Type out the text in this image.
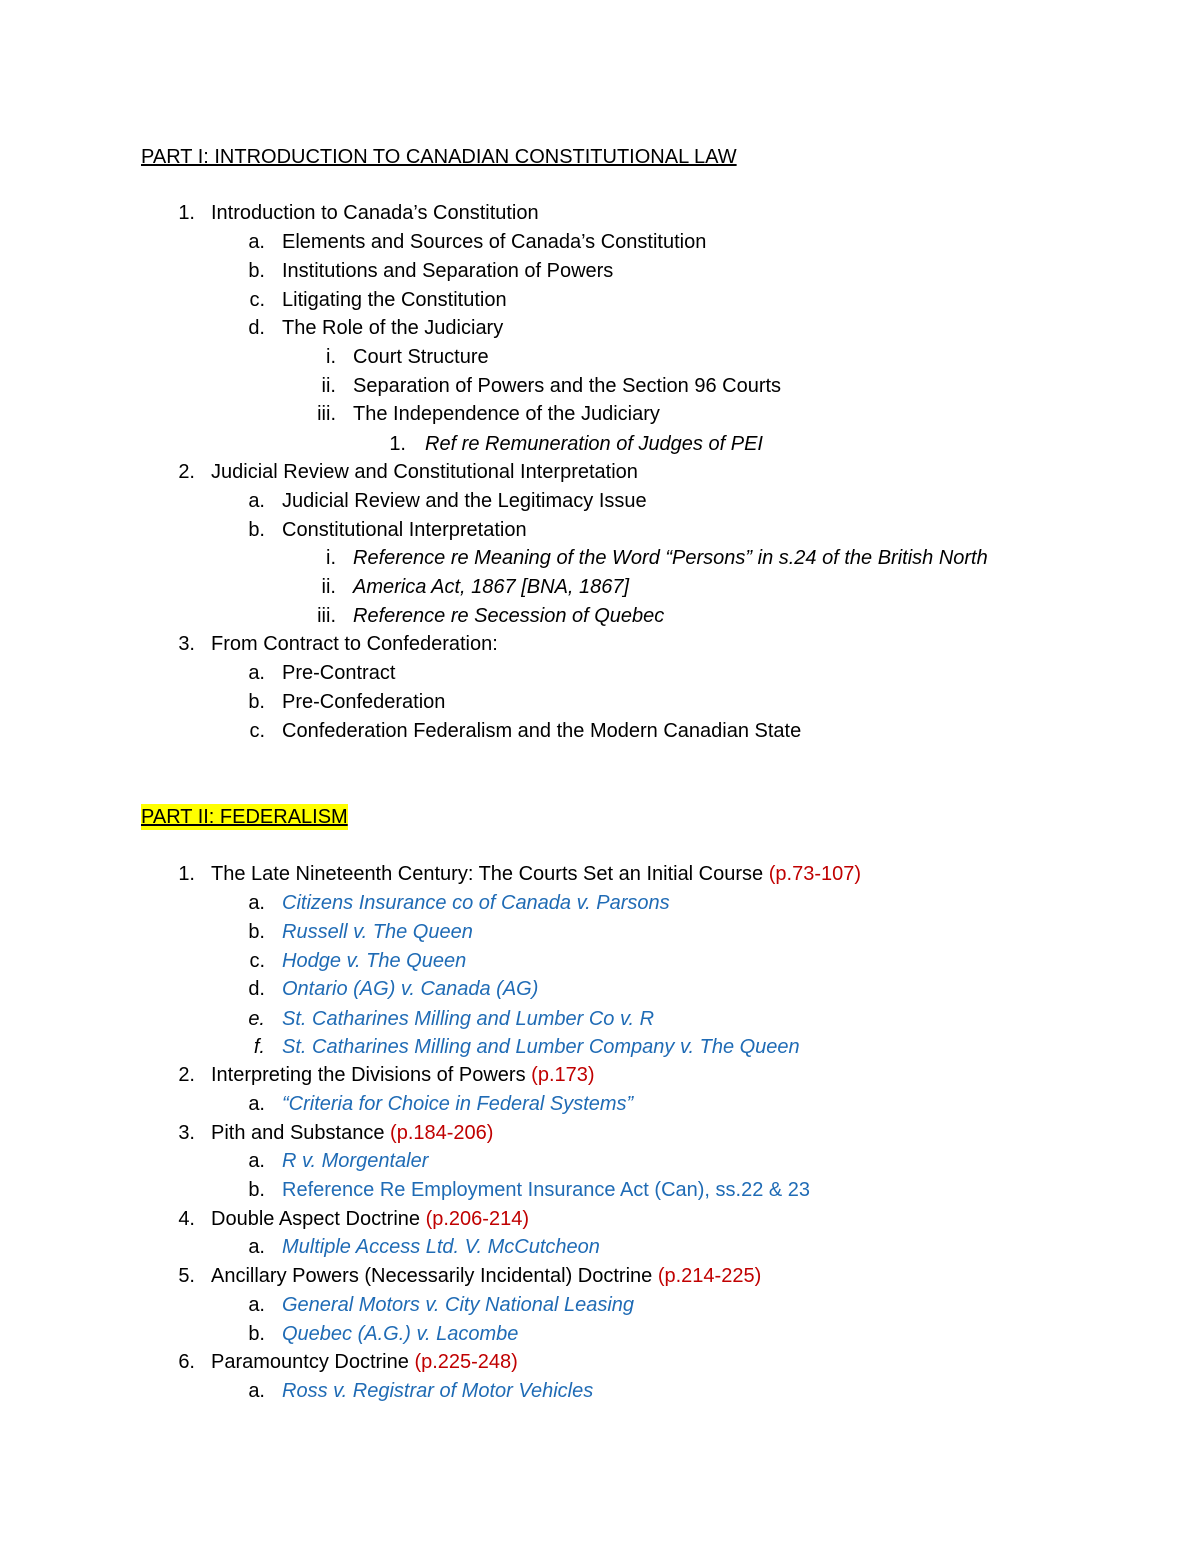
PART I: INTRODUCTION TO CANADIAN CONSTITUTIONAL LAW
1. Introduction to Canada’s Constitution
a. Elements and Sources of Canada’s Constitution
b. Institutions and Separation of Powers
c. Litigating the Constitution
d. The Role of the Judiciary
i. Court Structure
ii. Separation of Powers and the Section 96 Courts
iii. The Independence of the Judiciary
1. Ref re Remuneration of Judges of PEI
2. Judicial Review and Constitutional Interpretation
a. Judicial Review and the Legitimacy Issue
b. Constitutional Interpretation
i. Reference re Meaning of the Word “Persons” in s.24 of the British North
ii. America Act, 1867 [BNA, 1867]
iii. Reference re Secession of Quebec
3. From Contract to Confederation:
a. Pre-Contract
b. Pre-Confederation
c. Confederation Federalism and the Modern Canadian State
PART II: FEDERALISM
1. The Late Nineteenth Century: The Courts Set an Initial Course (p.73-107)
a. Citizens Insurance co of Canada v. Parsons
b. Russell v. The Queen
c. Hodge v. The Queen
d. Ontario (AG) v. Canada (AG)
e. St. Catharines Milling and Lumber Co v. R
f. St. Catharines Milling and Lumber Company v. The Queen
2. Interpreting the Divisions of Powers (p.173)
a. “Criteria for Choice in Federal Systems”
3. Pith and Substance (p.184-206)
a. R v. Morgentaler
b. Reference Re Employment Insurance Act (Can), ss.22 & 23
4. Double Aspect Doctrine (p.206-214)
a. Multiple Access Ltd. V. McCutcheon
5. Ancillary Powers (Necessarily Incidental) Doctrine (p.214-225)
a. General Motors v. City National Leasing
b. Quebec (A.G.) v. Lacombe
6. Paramountcy Doctrine (p.225-248)
a. Ross v. Registrar of Motor Vehicles
